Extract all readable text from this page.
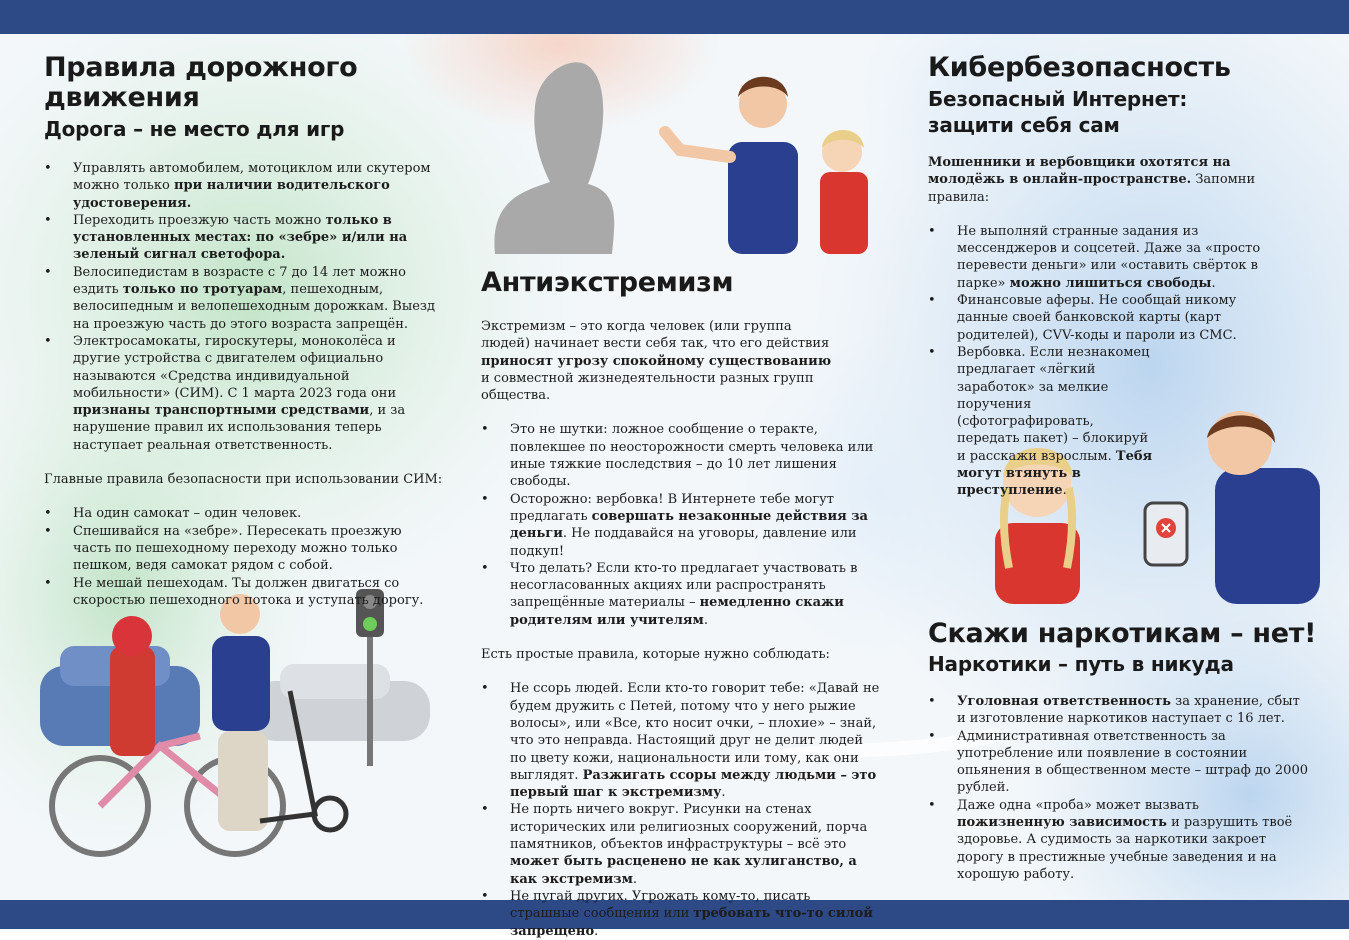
Правила дорожного движения
Дорога – не место для игр
• Управлять автомобилем, мотоциклом или скутером можно только при наличии водительского удостоверения.
• Переходить проезжую часть можно только в установленных местах: по «зебре» и/или на зеленый сигнал светофора.
• Велосипедистам в возрасте с 7 до 14 лет можно ездить только по тротуарам, пешеходным, велосипедным и велопешеходным дорожкам. Выезд на проезжую часть до этого возраста запрещён.
• Электросамокаты, гироскутеры, моноколёса и другие устройства с двигателем официально называются «Средства индивидуальной мобильности» (СИМ). С 1 марта 2023 года они признаны транспортными средствами, и за нарушение правил их использования теперь наступает реальная ответственность.

Главные правила безопасности при использовании СИМ:

• На один самокат – один человек.
• Спешивайся на «зебре». Пересекать проезжую часть по пешеходному переходу можно только пешком, ведя самокат рядом с собой.
• Не мешай пешеходам. Ты должен двигаться со скоростью пешеходного потока и уступать дорогу.
Антиэкстремизм

Экстремизм – это когда человек (или группа людей) начинает вести себя так, что его действия приносят угрозу спокойному существованию и совместной жизнедеятельности разных групп общества.

• Это не шутки: ложное сообщение о теракте, повлекшее по неосторожности смерть человека или иные тяжкие последствия – до 10 лет лишения свободы.
• Осторожно: вербовка! В Интернете тебе могут предлагать совершать незаконные действия за деньги. Не поддавайся на уговоры, давление или подкуп!
• Что делать? Если кто-то предлагает участвовать в несогласованных акциях или распространять запрещённые материалы – немедленно скажи родителям или учителям.

Есть простые правила, которые нужно соблюдать:

• Не ссорь людей. Если кто-то говорит тебе: «Давай не будем дружить с Петей, потому что у него рыжие волосы», или «Все, кто носит очки, – плохие» – знай, что это неправда. Настоящий друг не делит людей по цвету кожи, национальности или тому, как они выглядят. Разжигать ссоры между людьми – это первый шаг к экстремизму.
• Не порть ничего вокруг. Рисунки на стенах исторических или религиозных сооружений, порча памятников, объектов инфраструктуры – всё это может быть расценено не как хулиганство, а как экстремизм.
• Не пугай других. Угрожать кому-то, писать страшные сообщения или требовать что-то силой запрещено.
Кибербезопасность
Безопасный Интернет: защити себя сам

Мошенники и вербовщики охотятся на молодёжь в онлайн-пространстве. Запомни правила:

• Не выполняй странные задания из мессенджеров и соцсетей. Даже за «просто перевести деньги» или «оставить свёрток в парке» можно лишиться свободы.
• Финансовые аферы. Не сообщай никому данные своей банковской карты (карт родителей), CVV-коды и пароли из СМС.
• Вербовка. Если незнакомец предлагает «лёгкий заработок» за мелкие поручения (сфотографировать, передать пакет) – блокируй и расскажи взрослым. Тебя могут втянуть в преступление.
Скажи наркотикам – нет!
Наркотики – путь в никуда
• Уголовная ответственность за хранение, сбыт и изготовление наркотиков наступает с 16 лет.
• Административная ответственность за употребление или появление в состоянии опьянения в общественном месте – штраф до 2000 рублей.
• Даже одна «проба» может вызвать пожизненную зависимость и разрушить твоё здоровье. А судимость за наркотики закроет дорогу в престижные учебные заведения и на хорошую работу.
